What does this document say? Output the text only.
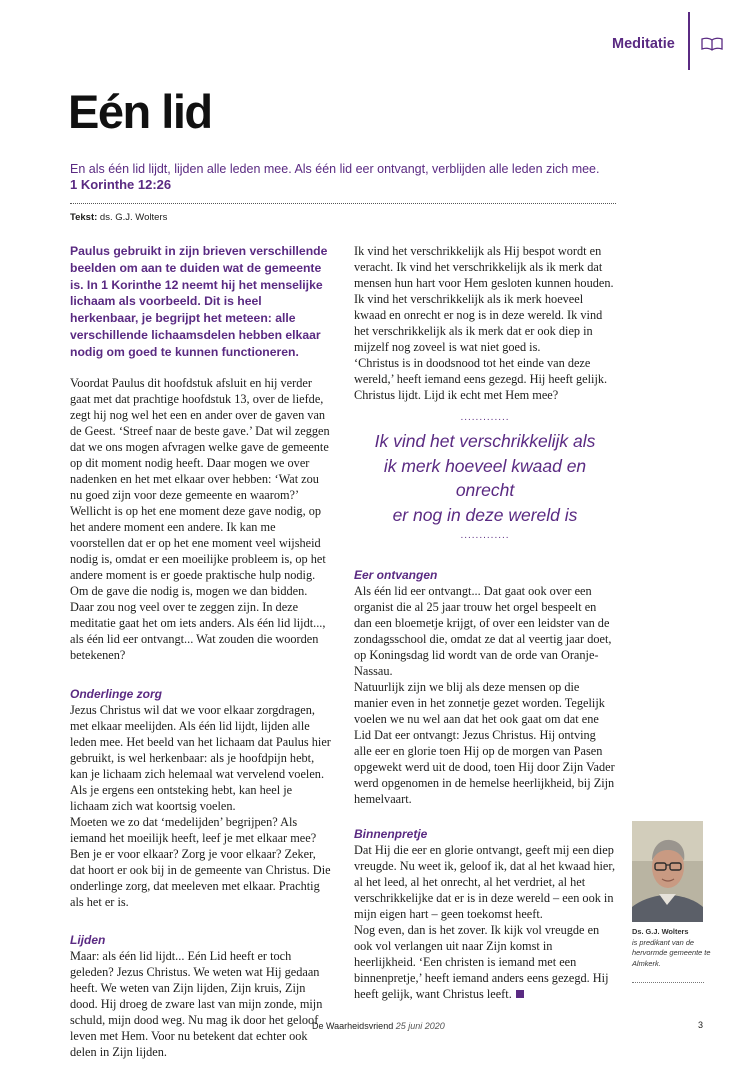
Meditatie
Eén lid
En als één lid lijdt, lijden alle leden mee. Als één lid eer ontvangt, verblijden alle leden zich mee.
1 Korinthe 12:26
Tekst: ds. G.J. Wolters

Paulus gebruikt in zijn brieven verschillende beelden om aan te duiden wat de gemeente is. In 1 Korinthe 12 neemt hij het menselijke lichaam als voorbeeld. Dit is heel herkenbaar, je begrijpt het meteen: alle verschillende lichaamsdelen hebben elkaar nodig om goed te kunnen functioneren.

Voordat Paulus dit hoofdstuk afsluit en hij verder gaat met dat prachtige hoofdstuk 13, over de liefde, zegt hij nog wel het een en ander over de gaven van de Geest. ‘Streef naar de beste gave.’ Dat wil zeggen dat we ons mogen afvragen welke gave de gemeente op dit moment nodig heeft. Daar mogen we over nadenken en het met elkaar over hebben: ‘Wat zou nu goed zijn voor deze gemeente en waarom?’ Wellicht is op het ene moment deze gave nodig, op het andere moment een andere. Ik kan me voorstellen dat er op het ene moment veel wijsheid nodig is, omdat er een moeilijke probleem is, op het andere moment is er goede praktische hulp nodig. Om de gave die nodig is, mogen we dan bidden. Daar zou nog veel over te zeggen zijn. In deze meditatie gaat het om iets anders. Als één lid lijdt..., als één lid eer ontvangt... Wat zouden die woorden betekenen?

Onderlinge zorg

Jezus Christus wil dat we voor elkaar zorgdragen, met elkaar meelijden. Als één lid lijdt, lijden alle leden mee. Het beeld van het lichaam dat Paulus hier gebruikt, is wel herkenbaar: als je hoofdpijn hebt, kan je lichaam zich helemaal wat vervelend voelen. Als je ergens een ontsteking hebt, kan heel je lichaam zich wat koortsig voelen.

Moeten we zo dat ‘medelijden’ begrijpen? Als iemand het moeilijk heeft, leef je met elkaar mee? Ben je er voor elkaar? Zorg je voor elkaar? Zeker, dat hoort er ook bij in de gemeente van Christus. Die onderlinge zorg, dat meeleven met elkaar. Prachtig als het er is.

Lijden

Maar: als één lid lijdt... Eén Lid heeft er toch geleden? Jezus Christus. We weten wat Hij gedaan heeft. We weten van Zijn lijden, Zijn kruis, Zijn dood. Hij droeg de zware last van mijn zonde, mijn schuld, mijn dood weg. Nu mag ik door het geloof leven met Hem. Voor nu betekent dat echter ook delen in Zijn lijden.

Ik vind het verschrikkelijk als Hij bespot wordt en veracht. Ik vind het verschrikkelijk als ik merk dat mensen hun hart voor Hem gesloten kunnen houden. Ik vind het verschrikkelijk als ik merk hoeveel kwaad en onrecht er nog is in deze wereld. Ik vind het verschrikkelijk als ik merk dat er ook diep in mijzelf nog zoveel is wat niet goed is.

‘Christus is in doodsnood tot het einde van deze wereld,’ heeft iemand eens gezegd. Hij heeft gelijk. Christus lijdt. Lijd ik echt met Hem mee?

.............
Ik vind het verschrikkelijk als
ik merk hoeveel kwaad en onrecht
er nog in deze wereld is
.............

Eer ontvangen

Als één lid eer ontvangt... Dat gaat ook over een organist die al 25 jaar trouw het orgel bespeelt en dan een bloemetje krijgt, of over een leidster van de zondagsschool die, omdat ze dat al veertig jaar doet, op Koningsdag lid wordt van de orde van Oranje-Nassau.

Natuurlijk zijn we blij als deze mensen op die manier even in het zonnetje gezet worden. Tegelijk voelen we nu wel aan dat het ook gaat om dat ene Lid Dat eer ontvangt: Jezus Christus. Hij ontving alle eer en glorie toen Hij op de morgen van Pasen opgewekt werd uit de dood, toen Hij door Zijn Vader werd opgenomen in de hemelse heerlijkheid, bij Zijn hemelvaart.

Binnenpretje

Dat Hij die eer en glorie ontvangt, geeft mij een diep vreugde. Nu weet ik, geloof ik, dat al het kwaad hier, al het leed, al het onrecht, al het verdriet, al het verschrikkelijke dat er is in deze wereld – een ook in mijn eigen hart – geen toekomst heeft.

Nog even, dan is het zover. Ik kijk vol vreugde en ook vol verlangen uit naar Zijn komst in heerlijkheid. ‘Een christen is iemand met een binnenpretje,’ heeft iemand anders eens gezegd. Hij heeft gelijk, want Christus leeft.

Ds. G.J. Wolters
is predikant van de hervormde gemeente te Almkerk.
De Waarheidsvriend 25 juni 2020	3
